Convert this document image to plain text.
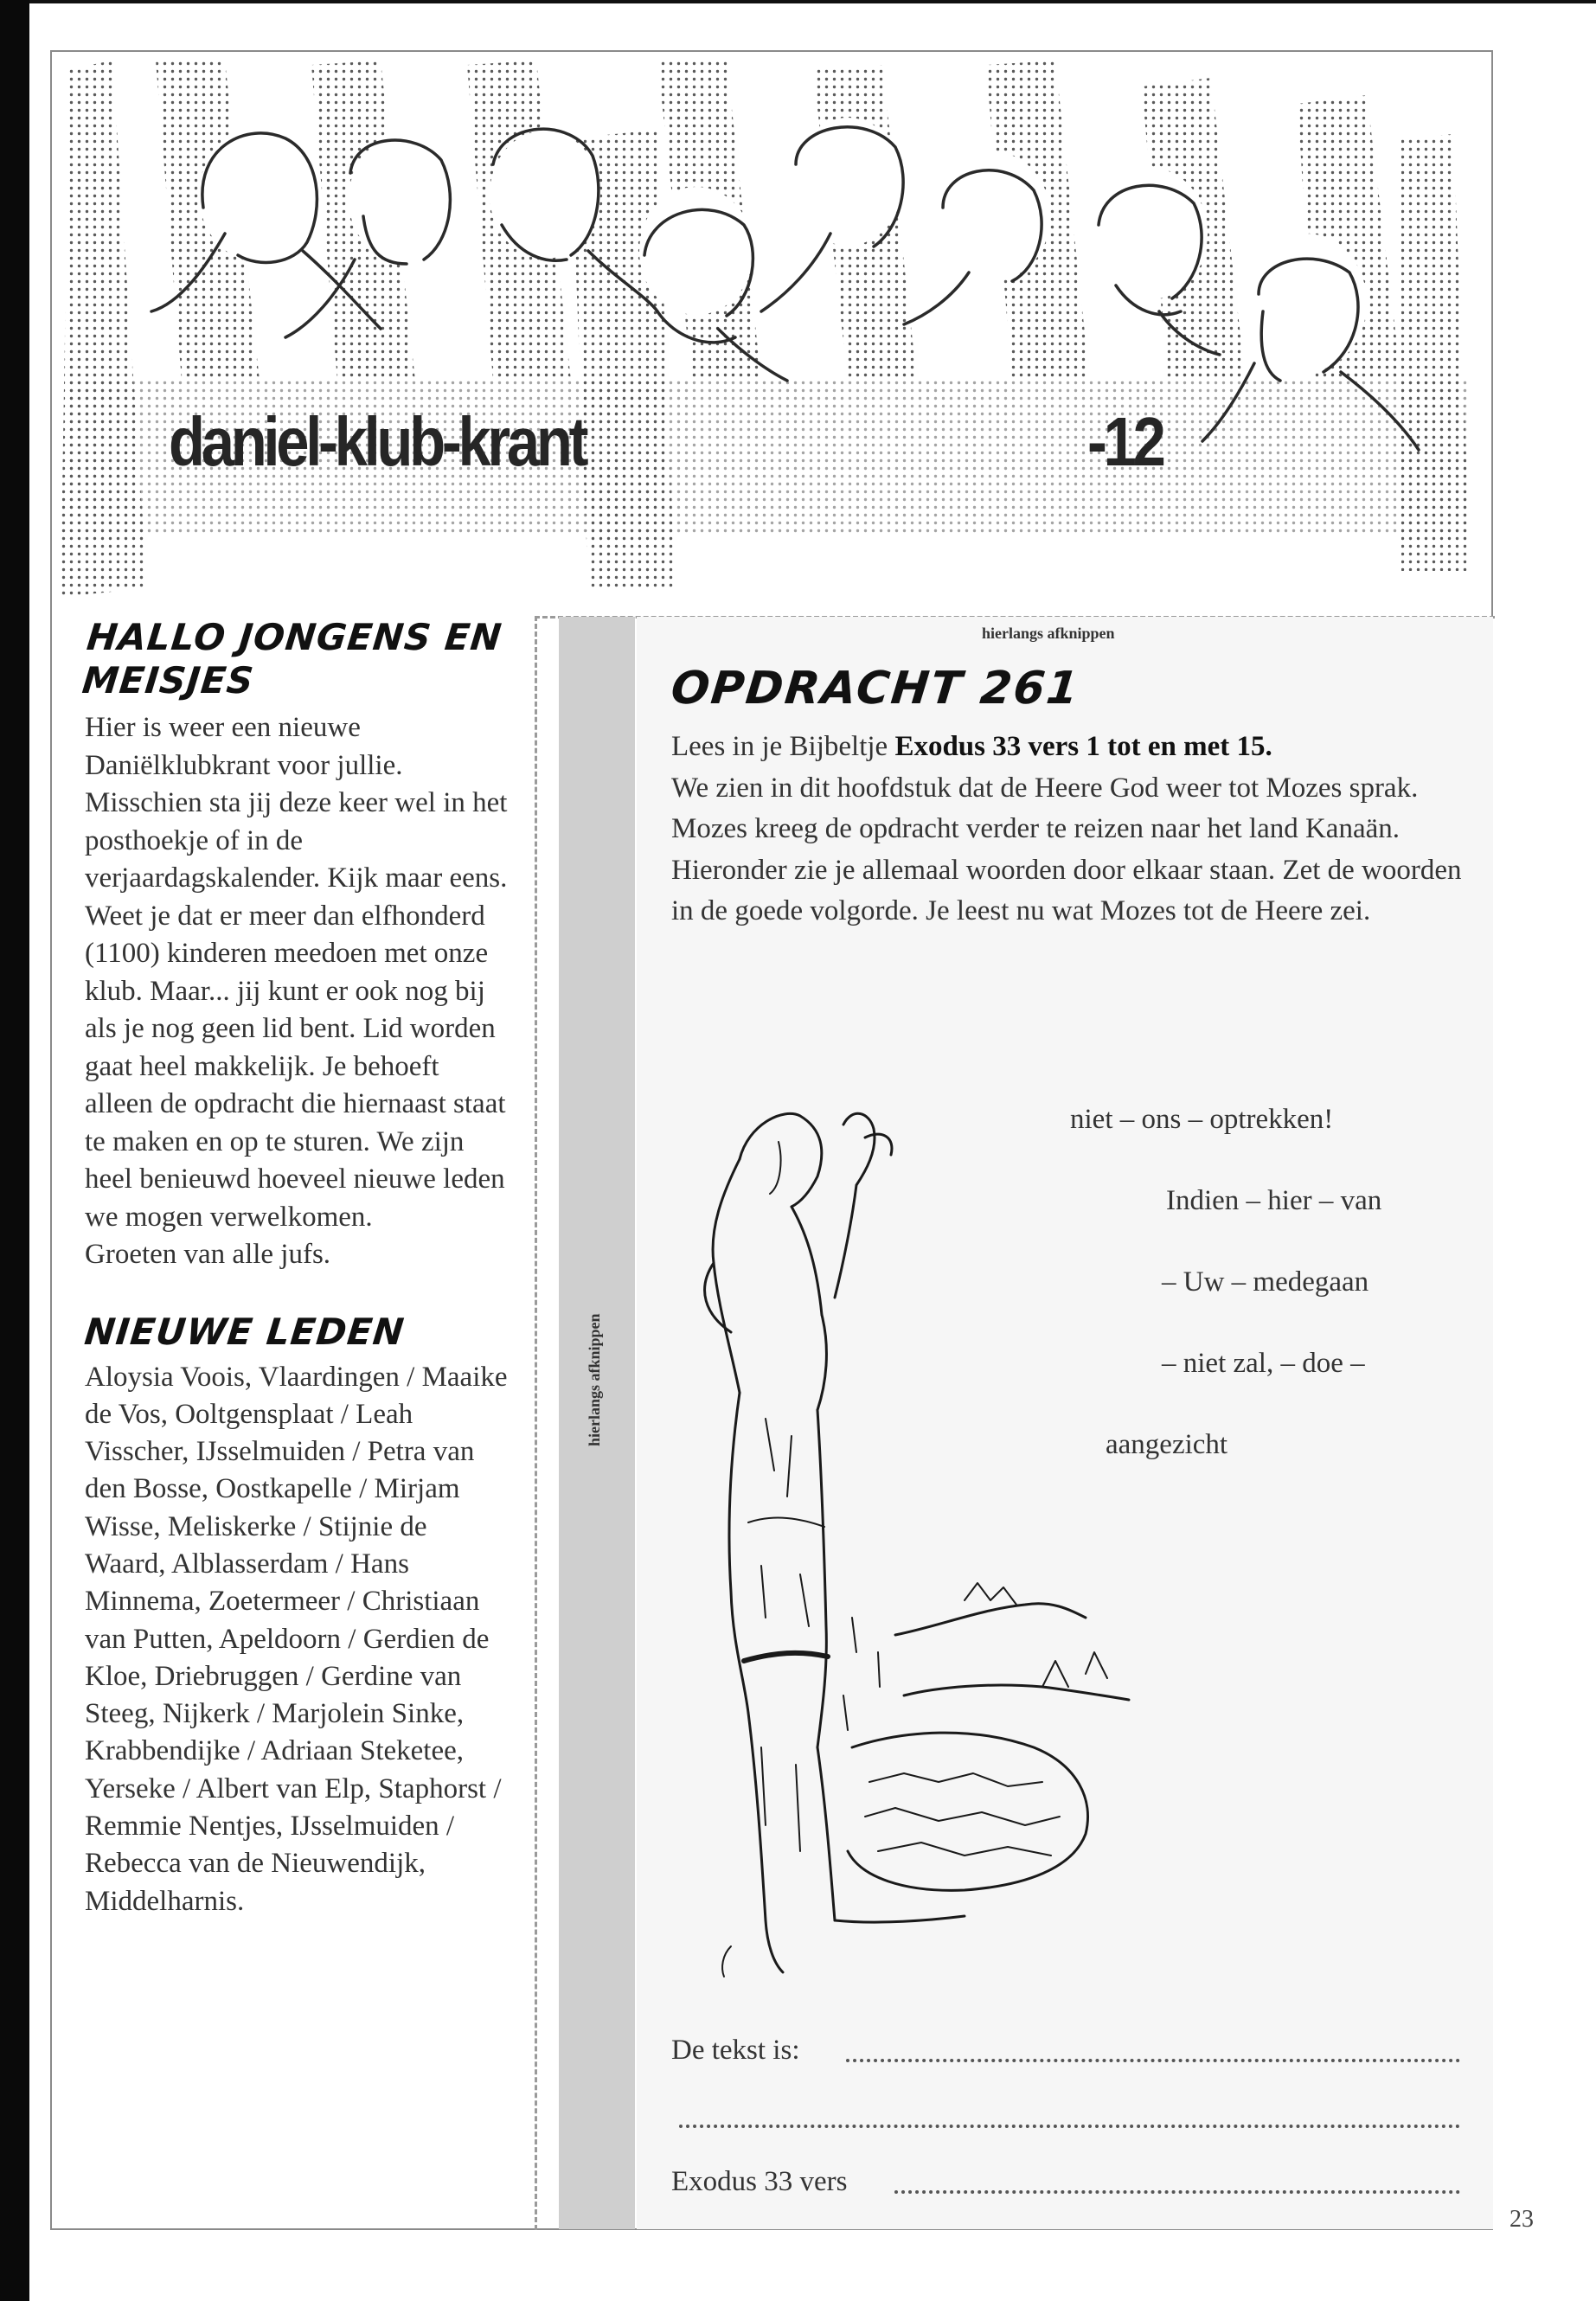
daniel-klub-krant	-12
HALLO JONGENS EN MEISJES

Hier is weer een nieuwe Daniëlklubkrant voor jullie. Misschien sta jij deze keer wel in het posthoekje of in de verjaardagskalender. Kijk maar eens.

Weet je dat er meer dan elfhonderd (1100) kinderen meedoen met onze klub. Maar... jij kunt er ook nog bij als je nog geen lid bent. Lid worden gaat heel makkelijk. Je behoeft alleen de opdracht die hiernaast staat te maken en op te sturen. We zijn heel benieuwd hoeveel nieuwe leden we mogen verwelkomen.

Groeten van alle jufs.

NIEUWE LEDEN

Aloysia Voois, Vlaardingen / Maaike de Vos, Ooltgensplaat / Leah Visscher, IJsselmuiden / Petra van den Bosse, Oostkapelle / Mirjam Wisse, Meliskerke / Stijnie de Waard, Alblasserdam / Hans Minnema, Zoetermeer / Christiaan van Putten, Apeldoorn / Gerdien de Kloe, Driebruggen / Gerdine van Steeg, Nijkerk / Marjolein Sinke, Krabbendijke / Adriaan Steketee, Yerseke / Albert van Elp, Staphorst / Remmie Nentjes, IJsselmuiden / Rebecca van de Nieuwendijk, Middelharnis.

hierlangs afknippen
hierlangs afknippen
OPDRACHT 261

Lees in je Bijbeltje Exodus 33 vers 1 tot en met 15.
We zien in dit hoofdstuk dat de Heere God weer tot Mozes sprak. Mozes kreeg de opdracht verder te reizen naar het land Kanaän.
Hieronder zie je allemaal woorden door elkaar staan. Zet de woorden in de goede volgorde. Je leest nu wat Mozes tot de Heere zei.

niet – ons – optrekken!
Indien – hier – van
– Uw – medegaan
– niet zal, – doe –
aangezicht
De tekst is:
Exodus 33 vers
23
